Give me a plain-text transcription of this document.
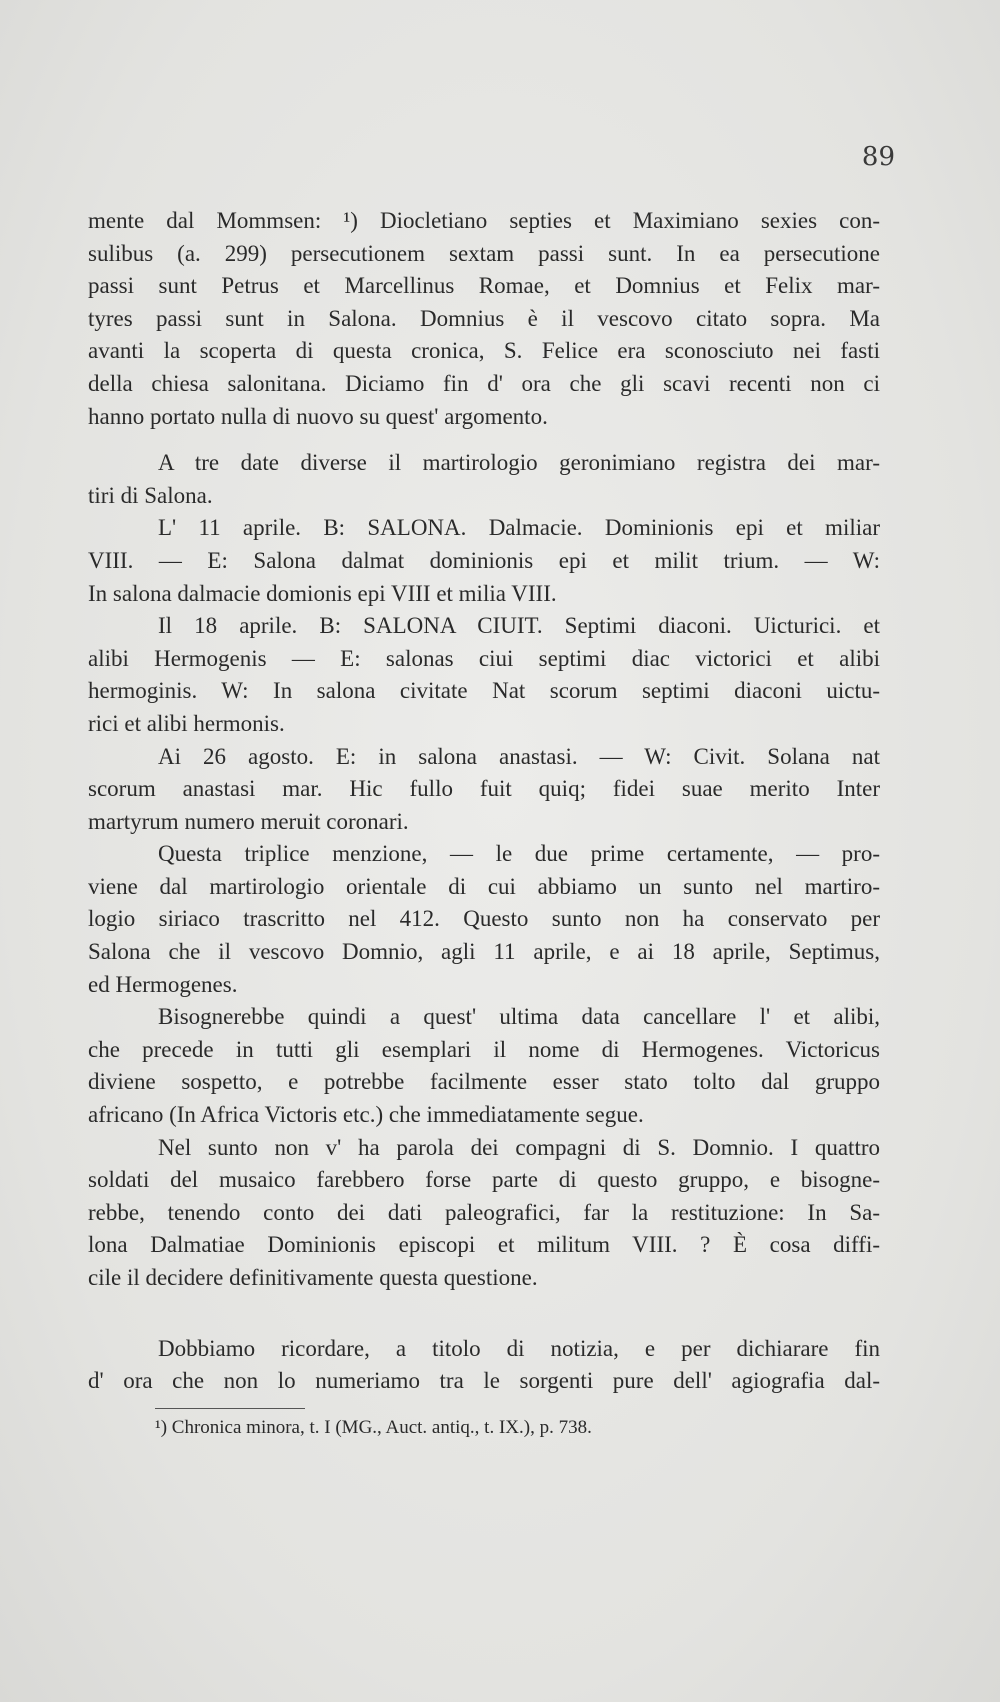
89
mente dal Mommsen: ¹) Diocletiano septies et Maximiano sexies con-
sulibus (a. 299) persecutionem sextam passi sunt. In ea persecutione
passi sunt Petrus et Marcellinus Romae, et Domnius et Felix mar-
tyres passi sunt in Salona. Domnius è il vescovo citato sopra. Ma
avanti la scoperta di questa cronica, S. Felice era sconosciuto nei fasti
della chiesa salonitana. Diciamo fin d' ora che gli scavi recenti non ci
hanno portato nulla di nuovo su quest' argomento.
A tre date diverse il martirologio geronimiano registra dei mar-
tiri di Salona.
L' 11 aprile. B: SALONA. Dalmacie. Dominionis epi et miliar
VIII. — E: Salona dalmat dominionis epi et milit trium. — W:
In salona dalmacie domionis epi VIII et milia VIII.
Il 18 aprile. B: SALONA CIUIT. Septimi diaconi. Uicturici. et
alibi Hermogenis — E: salonas ciui septimi diac victorici et alibi
hermoginis. W: In salona civitate Nat scorum septimi diaconi uictu-
rici et alibi hermonis.
Ai 26 agosto. E: in salona anastasi. — W: Civit. Solana nat
scorum anastasi mar. Hic fullo fuit quiq; fidei suae merito Inter
martyrum numero meruit coronari.
Questa triplice menzione, — le due prime certamente, — pro-
viene dal martirologio orientale di cui abbiamo un sunto nel martiro-
logio siriaco trascritto nel 412. Questo sunto non ha conservato per
Salona che il vescovo Domnio, agli 11 aprile, e ai 18 aprile, Septimus,
ed Hermogenes.
Bisognerebbe quindi a quest' ultima data cancellare l' et alibi,
che precede in tutti gli esemplari il nome di Hermogenes. Victoricus
diviene sospetto, e potrebbe facilmente esser stato tolto dal gruppo
africano (In Africa Victoris etc.) che immediatamente segue.
Nel sunto non v' ha parola dei compagni di S. Domnio. I quattro
soldati del musaico farebbero forse parte di questo gruppo, e bisogne-
rebbe, tenendo conto dei dati paleografici, far la restituzione: In Sa-
lona Dalmatiae Dominionis episcopi et militum VIII. ? È cosa diffi-
cile il decidere definitivamente questa questione.
Dobbiamo ricordare, a titolo di notizia, e per dichiarare fin
d' ora che non lo numeriamo tra le sorgenti pure dell' agiografia dal-
¹) Chronica minora, t. I (MG., Auct. antiq., t. IX.), p. 738.
